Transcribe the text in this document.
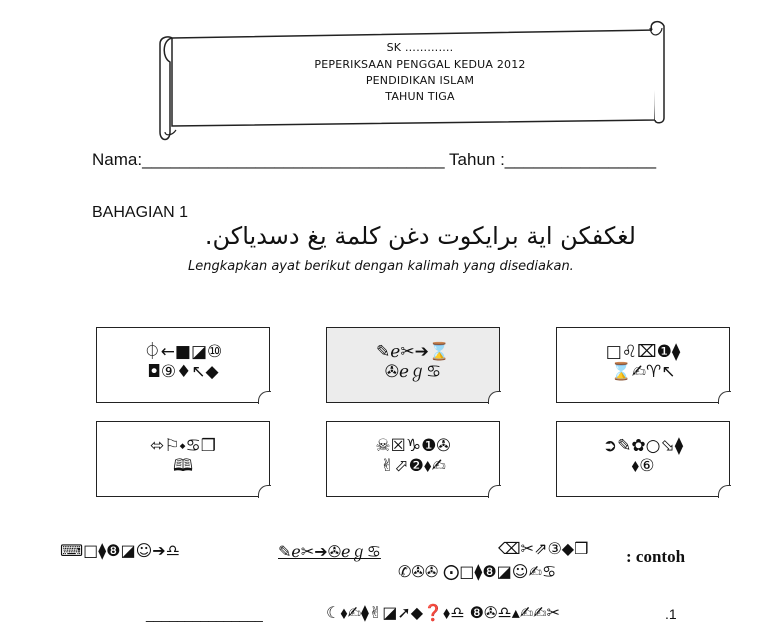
SK ………….
PEPERIKSAAN PENGGAL KEDUA 2012
PENDIDIKAN ISLAM
TAHUN TIGA
Nama:________________________________ Tahun :________________
BAHAGIAN 1
لغكفكن اية برايكوت دغن كلمة يغ دسدياكن.
Lengkapkan ayat berikut dengan kalimah yang disediakan.
⏀←■◪⑩
◘⑨♦↖◆
✎ℯ✂➔⌛
✇ℯℊ♋
□♌⌧❶⧫
⌛✍♈↖
⬄⚐⬩♋❒
🕮
☠☒♑❶✇
✌⬀❷⬧✍
➲✎✿○⬂⧫
⬧⑥
⌨□⧫❽◪☺➔♎	✎ℯ✂➔✇ℯℊ♋	⌫✂⇗③◆❒
✆✇✇ ⨀□⧫❽◪☺✍♋
: contoh
_______________	☾⬧✍⧫✌◪➚◆❓⬧♎ ❽✇♎▴✍✍✂	.1
